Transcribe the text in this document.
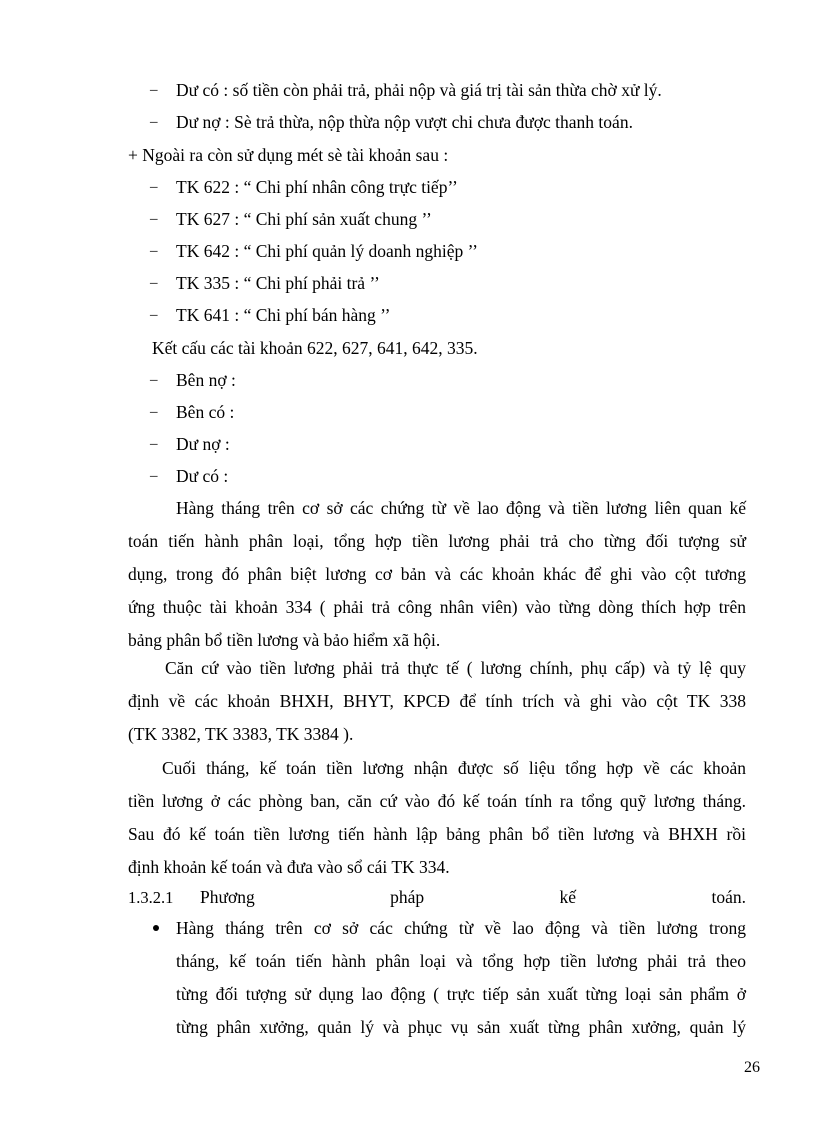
– Dư có : số tiền còn phải trả, phải nộp và giá trị tài sản thừa chờ xử lý.
– Dư nợ : Sè trả thừa, nộp thừa nộp vượt chi chưa được thanh toán.
+ Ngoài ra còn sử dụng mét sè tài khoản sau :
– TK 622 : “ Chi phí nhân công trực tiếp’’
– TK 627 : “ Chi phí sản xuất chung ’’
– TK 642 : “ Chi phí quản lý doanh nghiệp ’’
– TK 335 : “ Chi phí phải trả ’’
– TK 641 : “ Chi phí bán hàng ’’
Kết cấu các tài khoản 622, 627, 641, 642, 335.
– Bên nợ :
– Bên có :
– Dư nợ :
– Dư có :
Hàng tháng trên cơ sở các chứng từ về lao động và tiền lương liên quan kế
toán tiến hành phân loại, tổng hợp tiền lương phải trả cho từng đối tượng sử
dụng, trong đó phân biệt lương cơ bản và các khoản khác để ghi vào cột tương
ứng thuộc tài khoản 334 ( phải trả công nhân viên) vào từng dòng thích hợp trên
bảng phân bổ tiền lương và bảo hiểm xã hội.
Căn cứ vào tiền lương phải trả thực tế ( lương chính, phụ cấp) và tỷ lệ quy
định về các khoản BHXH, BHYT, KPCĐ để tính trích và ghi vào cột TK 338
(TK 3382, TK 3383, TK 3384 ).
Cuối tháng, kế toán tiền lương nhận được số liệu tổng hợp về các khoản
tiền lương ở các phòng ban, căn cứ vào đó kế toán tính ra tổng quỹ lương tháng.
Sau đó kế toán tiền lương tiến hành lập bảng phân bổ tiền lương và BHXH rồi
định khoản kế toán và đưa vào sổ cái TK 334.
1.3.2.1 Phương	pháp	kế	toán.
Hàng tháng trên cơ sở các chứng từ về lao động và tiền lương trong
tháng, kế toán tiến hành phân loại và tổng hợp tiền lương phải trả theo
từng đối tượng sử dụng lao động ( trực tiếp sản xuất từng loại sản phẩm ở
từng phân xưởng, quản lý và phục vụ sản xuất từng phân xưởng, quản lý
26
